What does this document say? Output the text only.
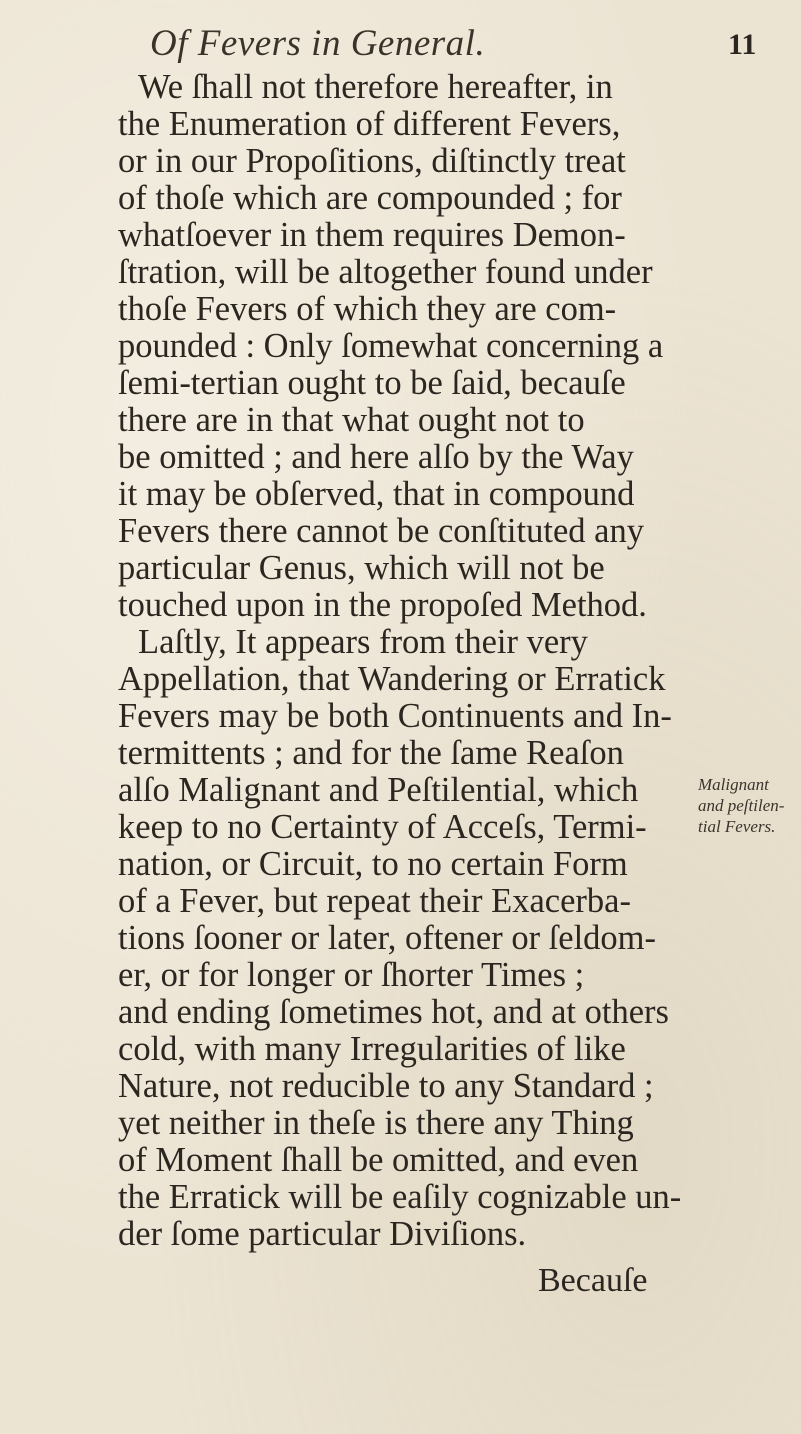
Of Fevers in General.	11
We ſhall not therefore hereafter, in
the Enumeration of different Fevers,
or in our Propoſitions, diſtinctly treat
of thoſe which are compounded ; for
whatſoever in them requires Demon-
ſtration, will be altogether found under
thoſe Fevers of which they are com-
pounded : Only ſomewhat concerning a
ſemi-tertian ought to be ſaid, becauſe
there are in that what ought not to
be omitted ; and here alſo by the Way
it may be obſerved, that in compound
Fevers there cannot be conſtituted any
particular Genus, which will not be
touched upon in the propoſed Method.
Laſtly, It appears from their very
Appellation, that Wandering or Erratick
Fevers may be both Continuents and In-
termittents ; and for the ſame Reaſon
alſo Malignant and Peſtilential, which
keep to no Certainty of Acceſs, Termi-
nation, or Circuit, to no certain Form
of a Fever, but repeat their Exacerba-
tions ſooner or later, oftener or ſeldom-
er, or for longer or ſhorter Times ;
and ending ſometimes hot, and at others
cold, with many Irregularities of like
Nature, not reducible to any Standard ;
yet neither in theſe is there any Thing
of Moment ſhall be omitted, and even
the Erratick will be eaſily cognizable un-
der ſome particular Diviſions.
Malignant
and peſtilen-
tial Fevers.
Becauſe
